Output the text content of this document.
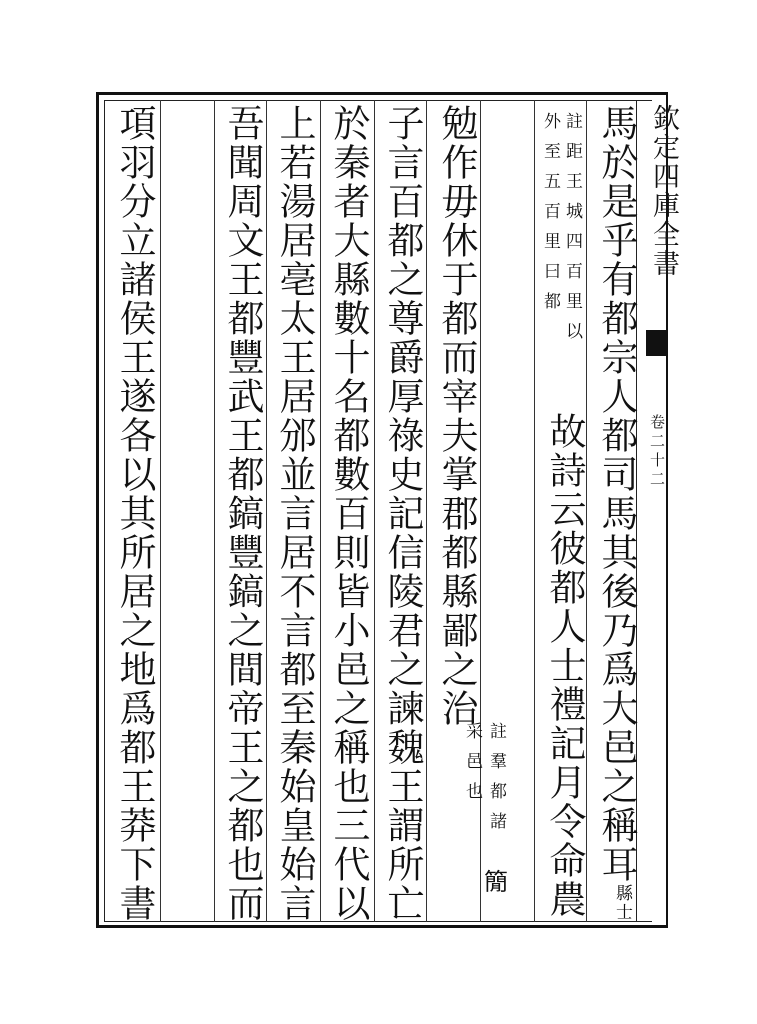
欽定四庫全書
卷二十二
馬於是乎有都宗人都司馬其後乃爲大邑之稱耳
縣士
註距王城四百里以
外至五百里曰都
故詩云彼都人士禮記月令命農
勉作毋休于都而宰夫掌郡都縣鄙之治
註羣都諸
采邑也
子言百都之尊爵厚祿史記信陵君之諫魏王謂所亡 𥳑
於秦者大縣數十名都數百則皆小邑之稱也三代以
上若湯居亳太王居邠並言居不言都至秦始皇始言
吾聞周文王都豐武王都鎬豐鎬之間帝王之都也而
項羽分立諸侯王遂各以其所居之地爲都王莽下書
